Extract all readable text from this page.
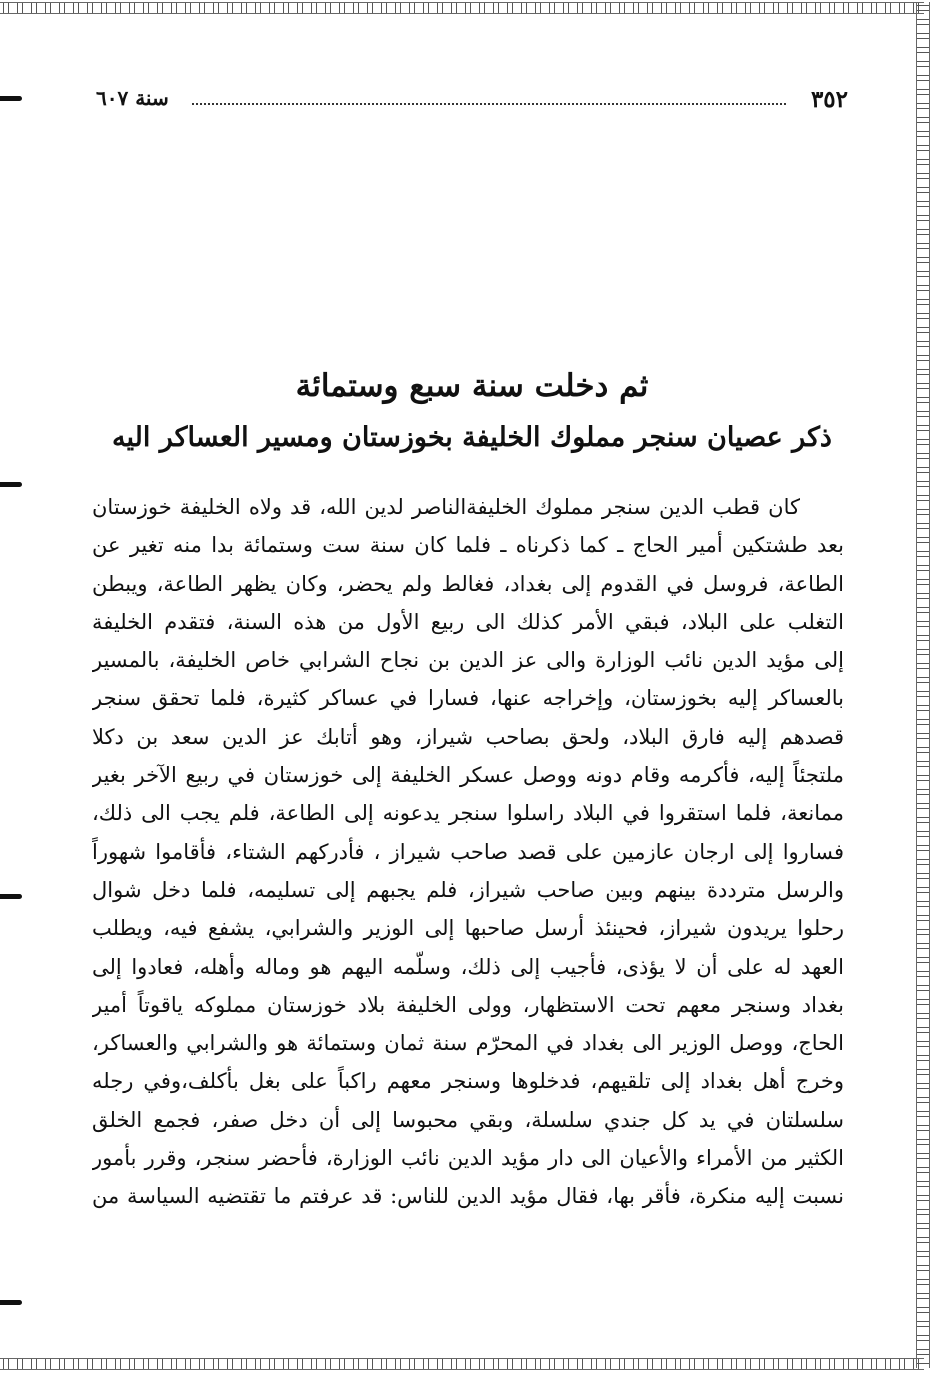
٣٥٢
سنة ٦٠٧
ثم دخلت سنة سبع وستمائة
ذكر عصيان سنجر مملوك الخليفة بخوزستان ومسير العساكر اليه
كان قطب الدين سنجر مملوك الخليفةالناصر لدين الله، قد ولاه الخليفة خوزستان
بعد طشتكين أمير الحاج ـ كما ذكرناه ـ فلما كان سنة ست وستمائة بدا منه تغير عن
الطاعة، فروسل في القدوم إلى بغداد، فغالط ولم يحضر، وكان يظهر الطاعة، ويبطن
التغلب على البلاد، فبقي الأمر كذلك الى ربيع الأول من هذه السنة، فتقدم الخليفة
إلى مؤيد الدين نائب الوزارة والى عز الدين بن نجاح الشرابي خاص الخليفة، بالمسير
بالعساكر إليه بخوزستان، وإخراجه عنها، فسارا في عساكر كثيرة، فلما تحقق سنجر
قصدهم إليه فارق البلاد، ولحق بصاحب شيراز، وهو أتابك عز الدين سعد بن دكلا
ملتجئاً إليه، فأكرمه وقام دونه ووصل عسكر الخليفة إلى خوزستان في ربيع الآخر بغير
ممانعة، فلما استقروا في البلاد راسلوا سنجر يدعونه إلى الطاعة، فلم يجب الى ذلك،
فساروا إلى ارجان عازمين على قصد صاحب شيراز ، فأدركهم الشتاء، فأقاموا شهوراً
والرسل مترددة بينهم وبين صاحب شيراز، فلم يجبهم إلى تسليمه، فلما دخل شوال
رحلوا يريدون شيراز، فحينئذ أرسل صاحبها إلى الوزير والشرابي، يشفع فيه، ويطلب
العهد له على أن لا يؤذى، فأجيب إلى ذلك، وسلّمه اليهم هو وماله وأهله، فعادوا إلى
بغداد وسنجر معهم تحت الاستظهار، وولى الخليفة بلاد خوزستان مملوكه ياقوتاً أمير
الحاج، ووصل الوزير الى بغداد في المحرّم سنة ثمان وستمائة هو والشرابي والعساكر،
وخرج أهل بغداد إلى تلقيهم، فدخلوها وسنجر معهم راكباً على بغل بأكلف،وفي رجله
سلسلتان في يد كل جندي سلسلة، وبقي محبوسا إلى أن دخل صفر، فجمع الخلق
الكثير من الأمراء والأعيان الى دار مؤيد الدين نائب الوزارة، فأحضر سنجر، وقرر بأمور
نسبت إليه منكرة، فأقر بها، فقال مؤيد الدين للناس: قد عرفتم ما تقتضيه السياسة من
